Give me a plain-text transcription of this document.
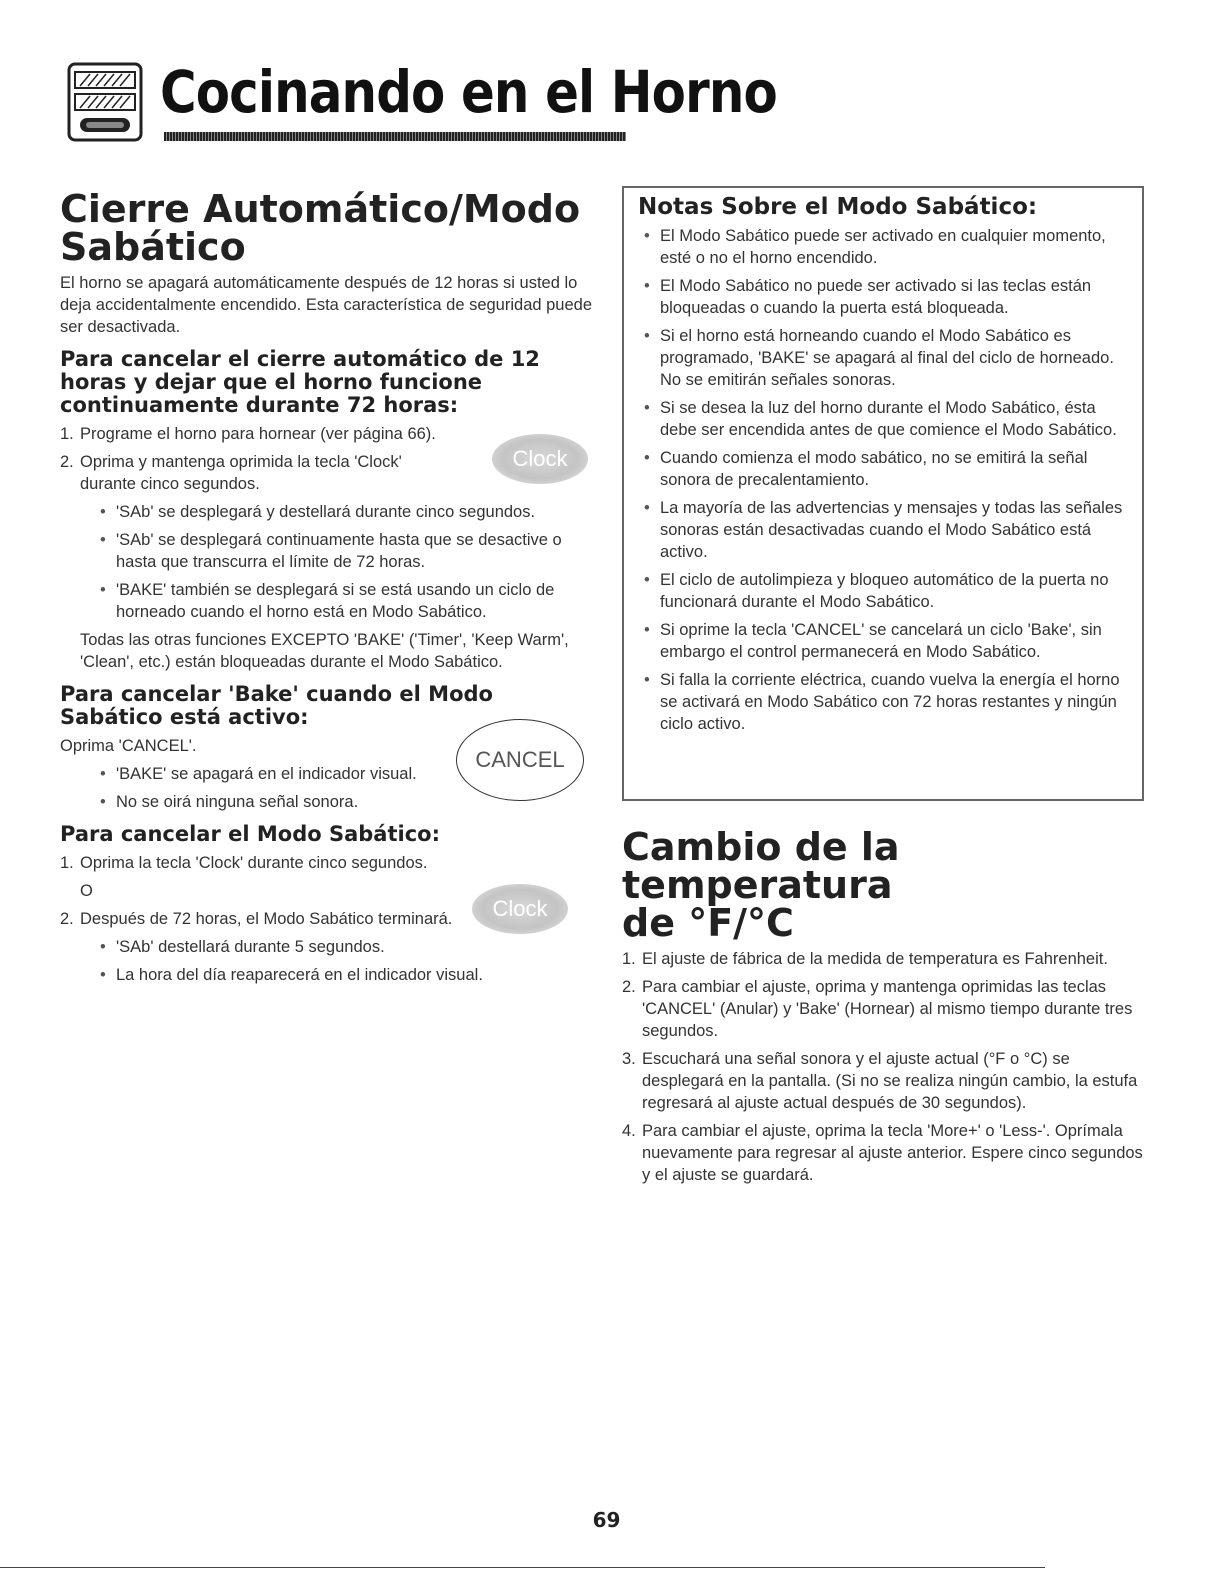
Cocinando en el Horno
Cierre Automático/Modo
Sabático

El horno se apagará automáticamente después de 12 horas si usted lo deja accidentalmente encendido. Esta característica de seguridad puede ser desactivada.

Para cancelar el cierre automático de 12 horas y dejar que el horno funcione continuamente durante 72 horas:
1. Programe el horno para hornear (ver página 66).
2. Oprima y mantenga oprimida la tecla 'Clock' durante cinco segundos.
• 'SAb' se desplegará y destellará durante cinco segundos.
• 'SAb' se desplegará continuamente hasta que se desactive o hasta que transcurra el límite de 72 horas.
• 'BAKE' también se desplegará si se está usando un ciclo de horneado cuando el horno está en Modo Sabático.

Todas las otras funciones EXCEPTO 'BAKE' ('Timer', 'Keep Warm', 'Clean', etc.) están bloqueadas durante el Modo Sabático.

Para cancelar 'Bake' cuando el Modo Sabático está activo:

Oprima 'CANCEL'.

• 'BAKE' se apagará en el indicador visual.
• No se oirá ninguna señal sonora.
Para cancelar el Modo Sabático:
1. Oprima la tecla 'Clock' durante cinco segundos.

O

2. Después de 72 horas, el Modo Sabático terminará.
• 'SAb' destellará durante 5 segundos.
• La hora del día reaparecerá en el indicador visual.
Clock
CANCEL
Clock
Notas Sobre el Modo Sabático:
• El Modo Sabático puede ser activado en cualquier momento, esté o no el horno encendido.
• El Modo Sabático no puede ser activado si las teclas están bloqueadas o cuando la puerta está bloqueada.
• Si el horno está horneando cuando el Modo Sabático es programado, 'BAKE' se apagará al final del ciclo de horneado. No se emitirán señales sonoras.
• Si se desea la luz del horno durante el Modo Sabático, ésta debe ser encendida antes de que comience el Modo Sabático.
• Cuando comienza el modo sabático, no se emitirá la señal sonora de precalentamiento.
• La mayoría de las advertencias y mensajes y todas las señales sonoras están desactivadas cuando el Modo Sabático está activo.
• El ciclo de autolimpieza y bloqueo automático de la puerta no funcionará durante el Modo Sabático.
• Si oprime la tecla 'CANCEL' se cancelará un ciclo 'Bake', sin embargo el control permanecerá en Modo Sabático.
• Si falla la corriente eléctrica, cuando vuelva la energía el horno se activará en Modo Sabático con 72 horas restantes y ningún ciclo activo.
Cambio de la temperatura
de °F/°C
1. El ajuste de fábrica de la medida de temperatura es Fahrenheit.
2. Para cambiar el ajuste, oprima y mantenga oprimidas las teclas 'CANCEL' (Anular) y 'Bake' (Hornear) al mismo tiempo durante tres segundos.
3. Escuchará una señal sonora y el ajuste actual (°F o °C) se desplegará en la pantalla. (Si no se realiza ningún cambio, la estufa regresará al ajuste actual después de 30 segundos).
4. Para cambiar el ajuste, oprima la tecla 'More+' o 'Less-'. Oprímala nuevamente para regresar al ajuste anterior. Espere cinco segundos y el ajuste se guardará.
69
